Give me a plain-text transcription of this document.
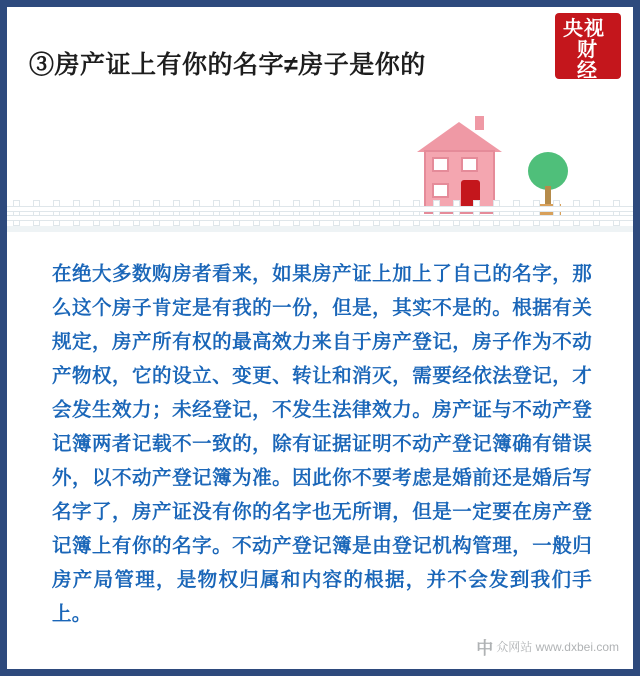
央视
财经
③房产证上有你的名字≠房子是你的
在绝大多数购房者看来，如果房产证上加上了自己的名字，那么这个房子肯定是有我的一份，但是，其实不是的。根据有关规定，房产所有权的最高效力来自于房产登记，房子作为不动产物权，它的设立、变更、转让和消灭，需要经依法登记，才会发生效力；未经登记，不发生法律效力。房产证与不动产登记簿两者记载不一致的，除有证据证明不动产登记簿确有错误外，以不动产登记簿为准。因此你不要考虑是婚前还是婚后写名字了，房产证没有你的名字也无所谓，但是一定要在房产登记簿上有你的名字。不动产登记簿是由登记机构管理，一般归房产局管理，是物权归属和内容的根据，并不会发到我们手上。
中 众网站 www.dxbei.com
